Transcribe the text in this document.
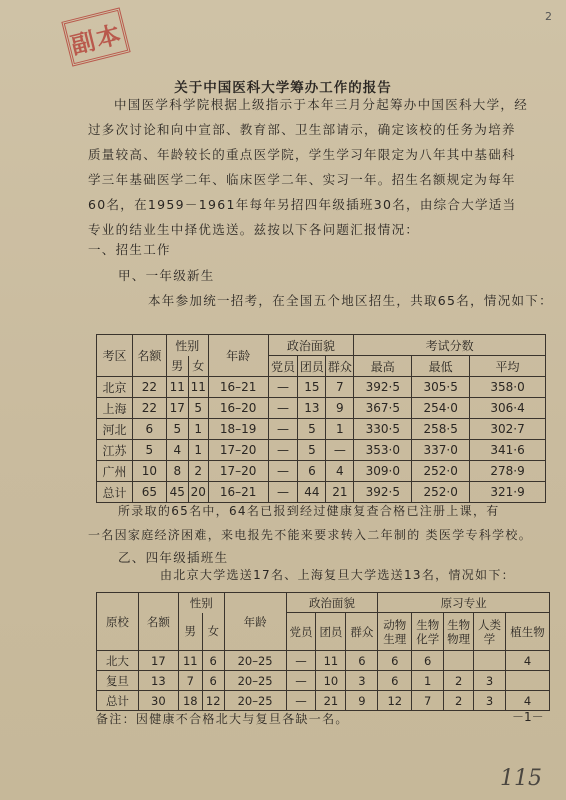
副本
2
关于中国医科大学筹办工作的报告
中国医学科学院根据上级指示于本年三月分起筹办中国医科大学，经过多次讨论和向中宣部、教育部、卫生部请示，确定该校的任务为培养质量较高、年龄较长的重点医学院，学生学习年限定为八年其中基础科学三年基础医学二年、临床医学二年、实习一年。招生名额规定为每年60名，在1959－1961年每年另招四年级插班30名，由综合大学适当专业的结业生中择优选送。兹按以下各问题汇报情况：
一、招生工作
甲、一年级新生
本年参加统一招考，在全国五个地区招生，共取65名，情况如下：
考区	名额	性别		年龄	政治面貌			考试分数		
		男	女		党员	团员	群众	最高	最低	平均
北京	22	11	11	16–21	—	15	7	392·5	305·5	358·0
上海	22	17	5	16–20	—	13	9	367·5	254·0	306·4
河北	6	5	1	18–19	—	5	1	330·5	258·5	302·7
江苏	5	4	1	17–20	—	5	—	353·0	337·0	341·6
广州	10	8	2	17–20	—	6	4	309·0	252·0	278·9
总计	65	45	20	16–21	—	44	21	392·5	252·0	321·9
所录取的65名中，64名已报到经过健康复查合格已注册上课，有
一名因家庭经济困难，来电报先不能来要求转入二年制的 类医学专科学校。
乙、四年级插班生
由北京大学选送17名、上海复旦大学选送13名，情况如下：
原校	名额	性别		年龄	政治面貌			原习专业				
		男	女		党员	团员	群众	动物生理	生物化学	生物物理	人类学	植生物
北大	17	11	6	20–25	—	11	6	6	6			4
复旦	13	7	6	20–25	—	10	3	6	1	2	3	
总计	30	18	12	20–25	—	21	9	12	7	2	3	4
备注：因健康不合格北大与复旦各缺一名。	－1－
115
